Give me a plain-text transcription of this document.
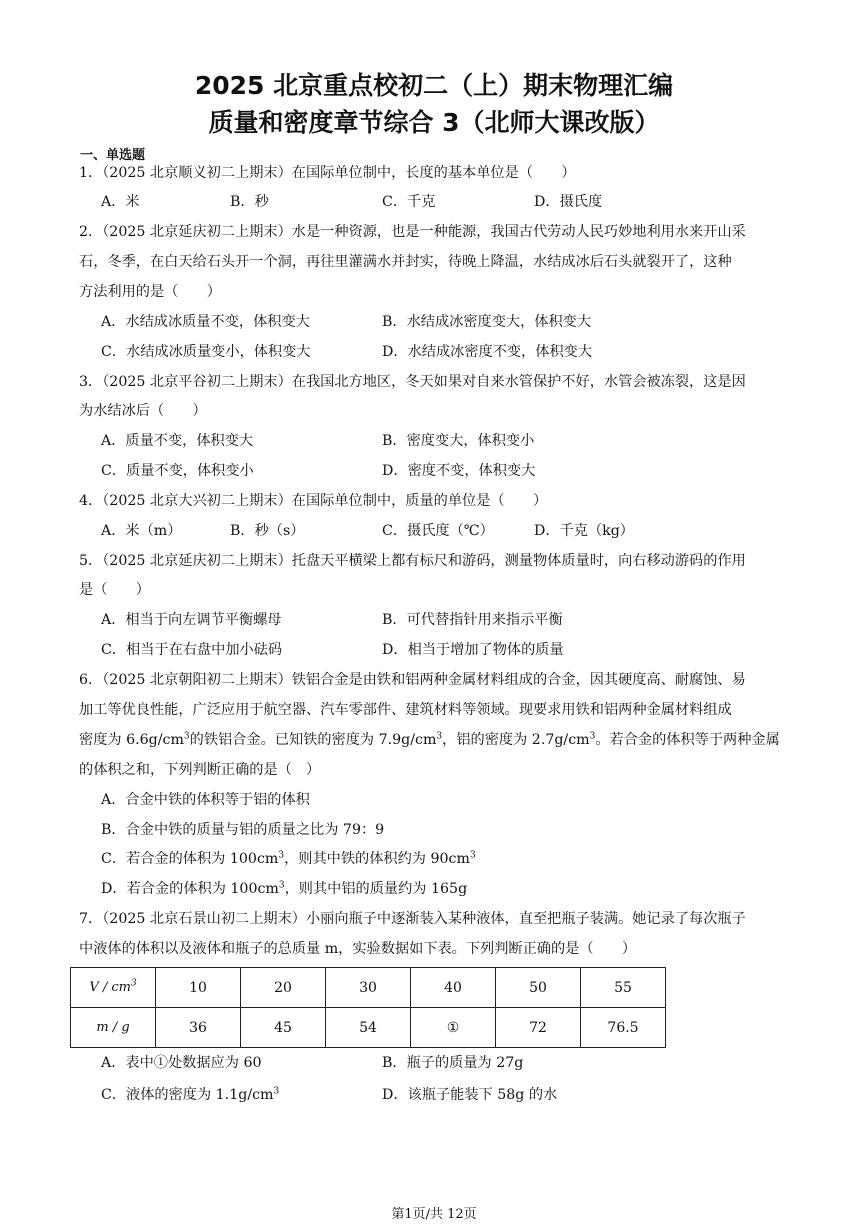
2025 北京重点校初二（上）期末物理汇编
质量和密度章节综合 3（北师大课改版）
一、单选题
1．（2025 北京顺义初二上期末）在国际单位制中，长度的基本单位是（　　）
A．米	B．秒	C．千克	D．摄氏度
2．（2025 北京延庆初二上期末）水是一种资源，也是一种能源，我国古代劳动人民巧妙地利用水来开山采
石，冬季，在白天给石头开一个洞，再往里灌满水并封实，待晚上降温，水结成冰后石头就裂开了，这种
方法利用的是（　　）
A．水结成冰质量不变，体积变大	B．水结成冰密度变大，体积变大
C．水结成冰质量变小，体积变大	D．水结成冰密度不变，体积变大
3．（2025 北京平谷初二上期末）在我国北方地区，冬天如果对自来水管保护不好，水管会被冻裂，这是因
为水结冰后（　　）
A．质量不变，体积变大	B．密度变大，体积变小
C．质量不变，体积变小	D．密度不变，体积变大
4．（2025 北京大兴初二上期末）在国际单位制中，质量的单位是（　　）
A．米（m）	B．秒（s）	C．摄氏度（℃）	D．千克（kg）
5．（2025 北京延庆初二上期末）托盘天平横梁上都有标尺和游码，测量物体质量时，向右移动游码的作用
是（　　）
A．相当于向左调节平衡螺母	B．可代替指针用来指示平衡
C．相当于在右盘中加小砝码	D．相当于增加了物体的质量
6．（2025 北京朝阳初二上期末）铁铝合金是由铁和铝两种金属材料组成的合金，因其硬度高、耐腐蚀、易
加工等优良性能，广泛应用于航空器、汽车零部件、建筑材料等领域。现要求用铁和铝两种金属材料组成
密度为 $6.6g/cm^3$的铁铝合金。已知铁的密度为 $7.9g/cm^3$，铝的密度为 $2.7g/cm^3$。若合金的体积等于两种金属
的体积之和，下列判断正确的是（　）
A．合金中铁的体积等于铝的体积
B．合金中铁的质量与铝的质量之比为 79：9
C．若合金的体积为 $100cm^3$，则其中铁的体积约为 $90cm^3$
D．若合金的体积为 $100cm^3$，则其中铝的质量约为 165g
7．（2025 北京石景山初二上期末）小丽向瓶子中逐渐装入某种液体，直至把瓶子装满。她记录了每次瓶子
中液体的体积以及液体和瓶子的总质量 m，实验数据如下表。下列判断正确的是（　　）
V / $cm^3$	10	20	30	40	50	55
m / g	36	45	54	①	72	76.5
A．表中①处数据应为 60	B．瓶子的质量为 27g
C．液体的密度为 $1.1g/cm^3$	D．该瓶子能装下 58g 的水
第1页/共 12页
